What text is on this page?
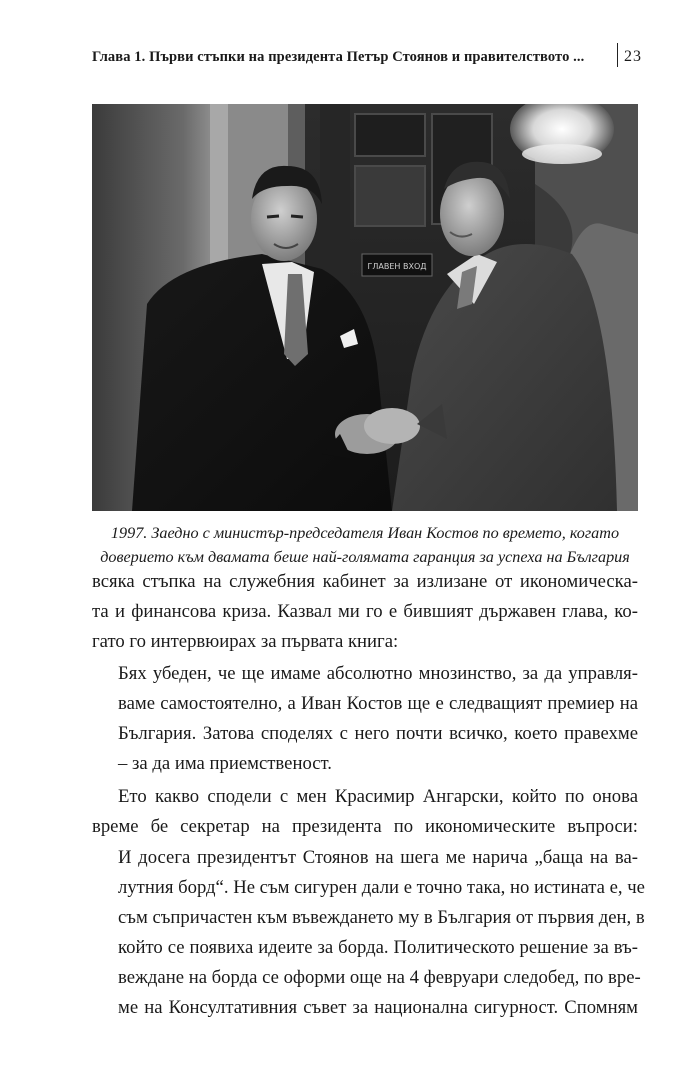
Глава 1. Първи стъпки на президента Петър Стоянов и правителството ... 23
ГЛАВЕН ВХОД
1997. Заедно с министър-председателя Иван Костов по времето, когато
доверието към двамата беше най-голямата гаранция за успеха на България
всяка стъпка на служебния кабинет за излизане от икономическа-
та и финансова криза. Казвал ми го е бившият държавен глава, ко-
гато го интервюирах за първата книга:
Бях убеден, че ще имаме абсолютно мнозинство, за да управля-
ваме самостоятелно, а Иван Костов ще е следващият премиер на
България. Затова споделях с него почти всичко, което правехме
– за да има приемственост.
Ето какво сподели с мен Красимир Ангарски, който по онова
време бе секретар на президента по икономическите въпроси:
И досега президентът Стоянов на шега ме нарича „баща на ва-
лутния борд“. Не съм сигурен дали е точно така, но истината е, че
съм съпричастен към въвеждането му в България от първия ден, в
който се появиха идеите за борда. Политическото решение за въ-
веждане на борда се оформи още на 4 февруари следобед, по вре-
ме на Консултативния съвет за национална сигурност. Спомням
